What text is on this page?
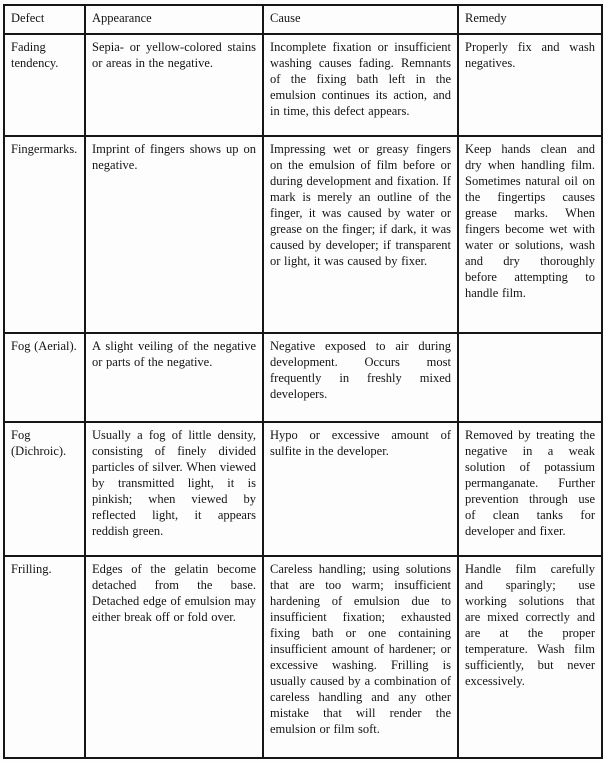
Defect	Appearance	Cause	Remedy
Fading tendency.	Sepia- or yellow-colored stains or areas in the negative.	Incomplete fixation or insufficient washing causes fading. Remnants of the fixing bath left in the emulsion continues its action, and in time, this defect appears.	Properly fix and wash negatives.
Fingermarks.	Imprint of fingers shows up on negative.	Impressing wet or greasy fingers on the emulsion of film before or during development and fixation. If mark is merely an outline of the finger, it was caused by water or grease on the finger; if dark, it was caused by developer; if transparent or light, it was caused by fixer.	Keep hands clean and dry when handling film. Sometimes natural oil on the fingertips causes grease marks. When fingers become wet with water or solutions, wash and dry thoroughly before attempting to handle film.
Fog (Aerial).	A slight veiling of the negative or parts of the negative.	Negative exposed to air during development. Occurs most frequently in freshly mixed developers.	
Fog (Dichroic).	Usually a fog of little density, consisting of finely divided particles of silver. When viewed by transmitted light, it is pinkish; when viewed by reflected light, it appears reddish green.	Hypo or excessive amount of sulfite in the developer.	Removed by treating the negative in a weak solution of potassium permanganate. Further prevention through use of clean tanks for developer and fixer.
Frilling.	Edges of the gelatin become detached from the base. Detached edge of emulsion may either break off or fold over.	Careless handling; using solutions that are too warm; insufficient hardening of emulsion due to insufficient fixation; exhausted fixing bath or one containing insufficient amount of hardener; or excessive washing. Frilling is usually caused by a combination of careless handling and any other mistake that will render the emulsion or film soft.	Handle film carefully and sparingly; use working solutions that are mixed correctly and are at the proper temperature. Wash film sufficiently, but never excessively.
